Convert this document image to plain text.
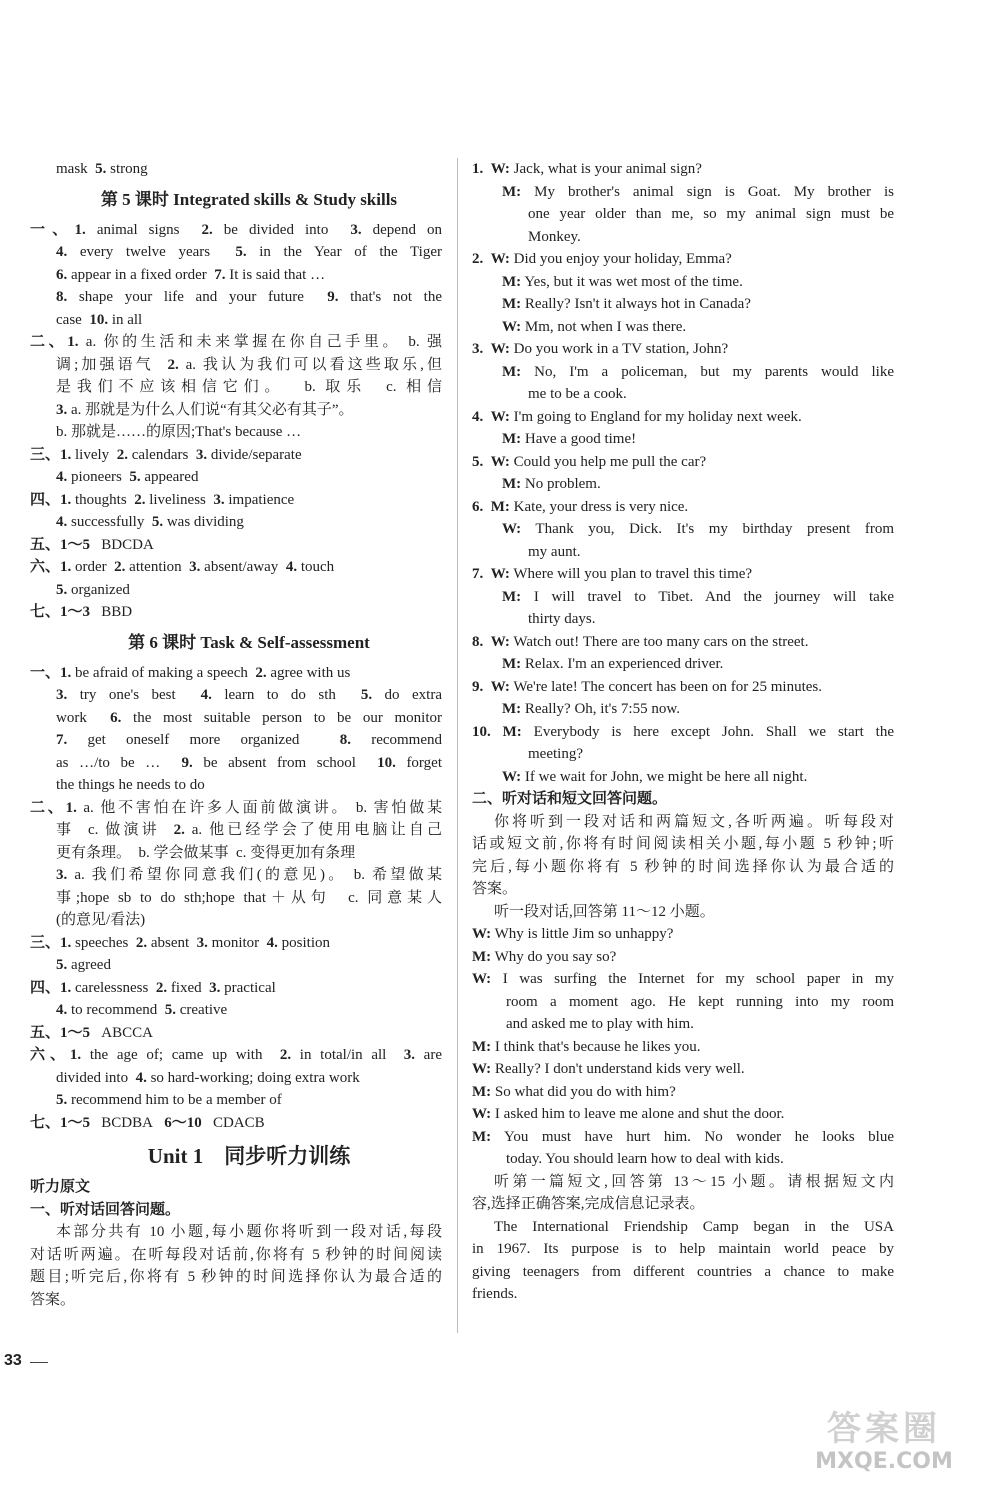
mask  5. strong
第 5 课时 Integrated skills & Study skills
一、1. animal signs  2. be divided into  3. depend on
4. every twelve years  5. in the Year of the Tiger
6. appear in a fixed order  7. It is said that …
8. shape your life and your future  9. that's not the
case  10. in all
二、1. a. 你的生活和未来掌握在你自己手里。 b. 强
调;加强语气  2. a. 我认为我们可以看这些取乐,但
是我们不应该相信它们。  b. 取乐  c. 相信
3. a. 那就是为什么人们说“有其父必有其子”。
b. 那就是……的原因;That's because …
三、1. lively  2. calendars  3. divide/separate
4. pioneers  5. appeared
四、1. thoughts  2. liveliness  3. impatience
4. successfully  5. was dividing
五、1～5   BDCDA
六、1. order  2. attention  3. absent/away  4. touch
5. organized
七、1～3   BBD
第 6 课时 Task & Self-assessment
一、1. be afraid of making a speech  2. agree with us
3. try one's best  4. learn to do sth  5. do extra
work  6. the most suitable person to be our monitor
7. get oneself more organized  8. recommend
as …/to be …  9. be absent from school  10. forget
the things he needs to do
二、1. a. 他不害怕在许多人面前做演讲。 b. 害怕做某
事  c. 做演讲  2. a. 他已经学会了使用电脑让自己
更有条理。  b. 学会做某事  c. 变得更加有条理
3. a. 我们希望你同意我们(的意见)。 b. 希望做某
事;hope sb to do sth;hope that＋从句  c. 同意某人
(的意见/看法)
三、1. speeches  2. absent  3. monitor  4. position
5. agreed
四、1. carelessness  2. fixed  3. practical
4. to recommend  5. creative
五、1～5   ABCCA
六、1. the age of; came up with  2. in total/in all  3. are
divided into  4. so hard-working; doing extra work
5. recommend him to be a member of
七、1～5   BCDBA   6～10   CDACB
Unit 1　同步听力训练
听力原文
一、听对话回答问题。
本部分共有 10 小题,每小题你将听到一段对话,每段
对话听两遍。在听每段对话前,你将有 5 秒钟的时间阅读
题目;听完后,你将有 5 秒钟的时间选择你认为最合适的
答案。
1. W: Jack, what is your animal sign?
M: My brother's animal sign is Goat. My brother is
one year older than me, so my animal sign must be
Monkey.
2. W: Did you enjoy your holiday, Emma?
M: Yes, but it was wet most of the time.
M: Really? Isn't it always hot in Canada?
W: Mm, not when I was there.
3. W: Do you work in a TV station, John?
M: No, I'm a policeman, but my parents would like
me to be a cook.
4. W: I'm going to England for my holiday next week.
M: Have a good time!
5. W: Could you help me pull the car?
M: No problem.
6. M: Kate, your dress is very nice.
W: Thank you, Dick. It's my birthday present from
my aunt.
7. W: Where will you plan to travel this time?
M: I will travel to Tibet. And the journey will take
thirty days.
8. W: Watch out! There are too many cars on the street.
M: Relax. I'm an experienced driver.
9. W: We're late! The concert has been on for 25 minutes.
M: Really? Oh, it's 7:55 now.
10. M: Everybody is here except John. Shall we start the
meeting?
W: If we wait for John, we might be here all night.
二、听对话和短文回答问题。
你将听到一段对话和两篇短文,各听两遍。听每段对
话或短文前,你将有时间阅读相关小题,每小题 5 秒钟;听
完后,每小题你将有 5 秒钟的时间选择你认为最合适的
答案。
听一段对话,回答第 11～12 小题。
W: Why is little Jim so unhappy?
M: Why do you say so?
W: I was surfing the Internet for my school paper in my
room a moment ago. He kept running into my room
and asked me to play with him.
M: I think that's because he likes you.
W: Really? I don't understand kids very well.
M: So what did you do with him?
W: I asked him to leave me alone and shut the door.
M: You must have hurt him. No wonder he looks blue
today. You should learn how to deal with kids.
听第一篇短文,回答第 13～15 小题。请根据短文内
容,选择正确答案,完成信息记录表。
The International Friendship Camp began in the USA
in 1967. Its purpose is to help maintain world peace by
giving teenagers from different countries a chance to make
friends.
33
答案圈
MXQE.COM
